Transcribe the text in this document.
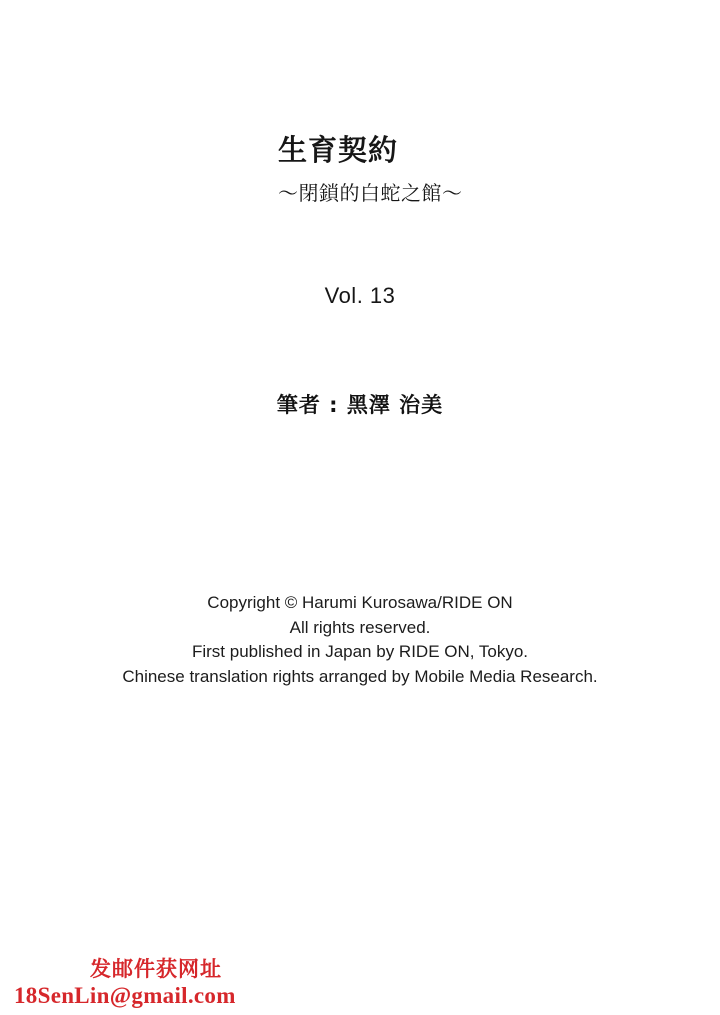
生育契約
〜閉鎖的白蛇之館〜
Vol. 13
筆者 : 黑澤 治美
Copyright © Harumi Kurosawa/RIDE ON
All rights reserved.
First published in Japan by RIDE ON, Tokyo.
Chinese translation rights arranged by Mobile Media Research.
发邮件获网址
18SenLin@gmail.com
